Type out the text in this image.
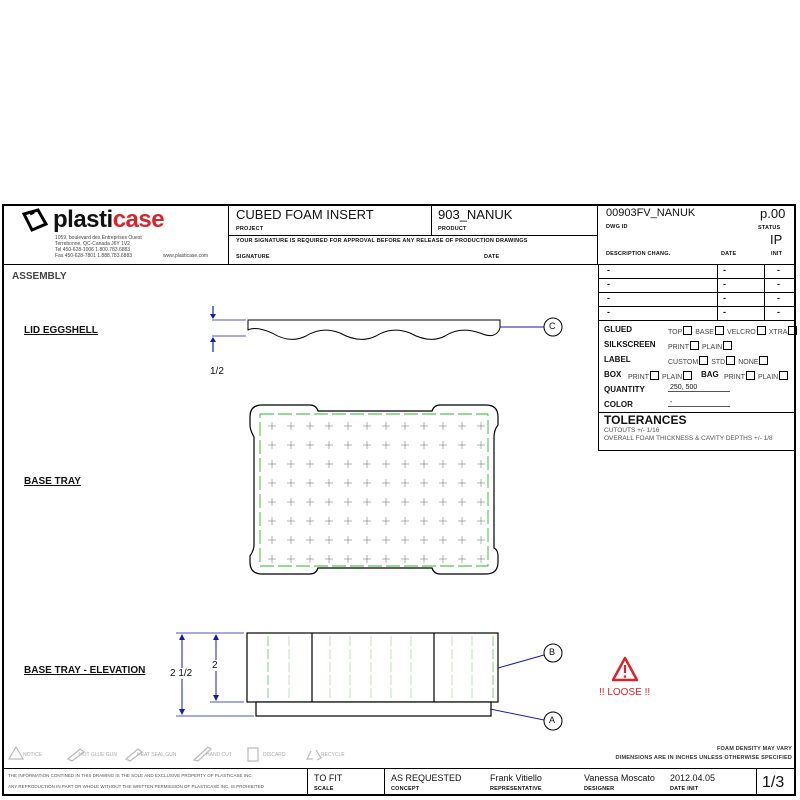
plasticase
1059, boulevard des Entreprises Ouest
Terrebonne, QC-Canada J6Y 1V2
Tel 450-628-1006 1.800.783.6883
Fax 450-628-7801 1.888.783.6883	www.plasticase.com
CUBED FOAM INSERT
PROJECT
903_NANUK
PRODUCT
YOUR SIGNATURE IS REQUIRED FOR APPROVAL BEFORE ANY RELEASE OF PRODUCTION DRAWINGS
SIGNATURE	DATE
00903FV_NANUK
DWG ID
p.00
STATUS
IP
DESCRIPTION CHANG.	DATE	INIT
-	-	-
-	-	-
-	-	-
-	-	-
GLUED	TOP BASE VELCRO XTRA
SILKSCREEN PRINT PLAIN
LABEL	CUSTOM STD NONE
BOX PRINT PLAIN	BAG PRINT PLAIN
QUANTITY	250, 500
COLOR	-
TOLERANCES
CUTOUTS +/- 1/16
OVERALL FOAM THICKNESS & CAVITY DEPTHS +/- 1/8
ASSEMBLY
LID EGGSHELL
BASE TRAY
BASE TRAY - ELEVATION
1/2
C
B
A
2 1/2
2
!! LOOSE !!
NOTICE	HOT GLUE GUN	HEAT SEAL GUN	HAND CUT	DISCARD	RECYCLE
FOAM DENSITY MAY VARY
DIMENSIONS ARE IN INCHES UNLESS OTHERWISE SPECIFIED
THE INFORMATION CONTINED IN THIS DRAWING IS THE SOLE AND EXCLUSIVE PROPERTY OF PLASTICASE INC.
ANY REPRODUCTION IN PART OR WHOLE WITHOUT THE WRITTEN PERMISSION OF PLASTICASE INC. IS PROHIBITED
TO FIT
SCALE
AS REQUESTED
CONCEPT
Frank Vitiello
REPRESENTATIVE
Vanessa Moscato
DESIGNER
2012.04.05
DATE INIT	1/3
